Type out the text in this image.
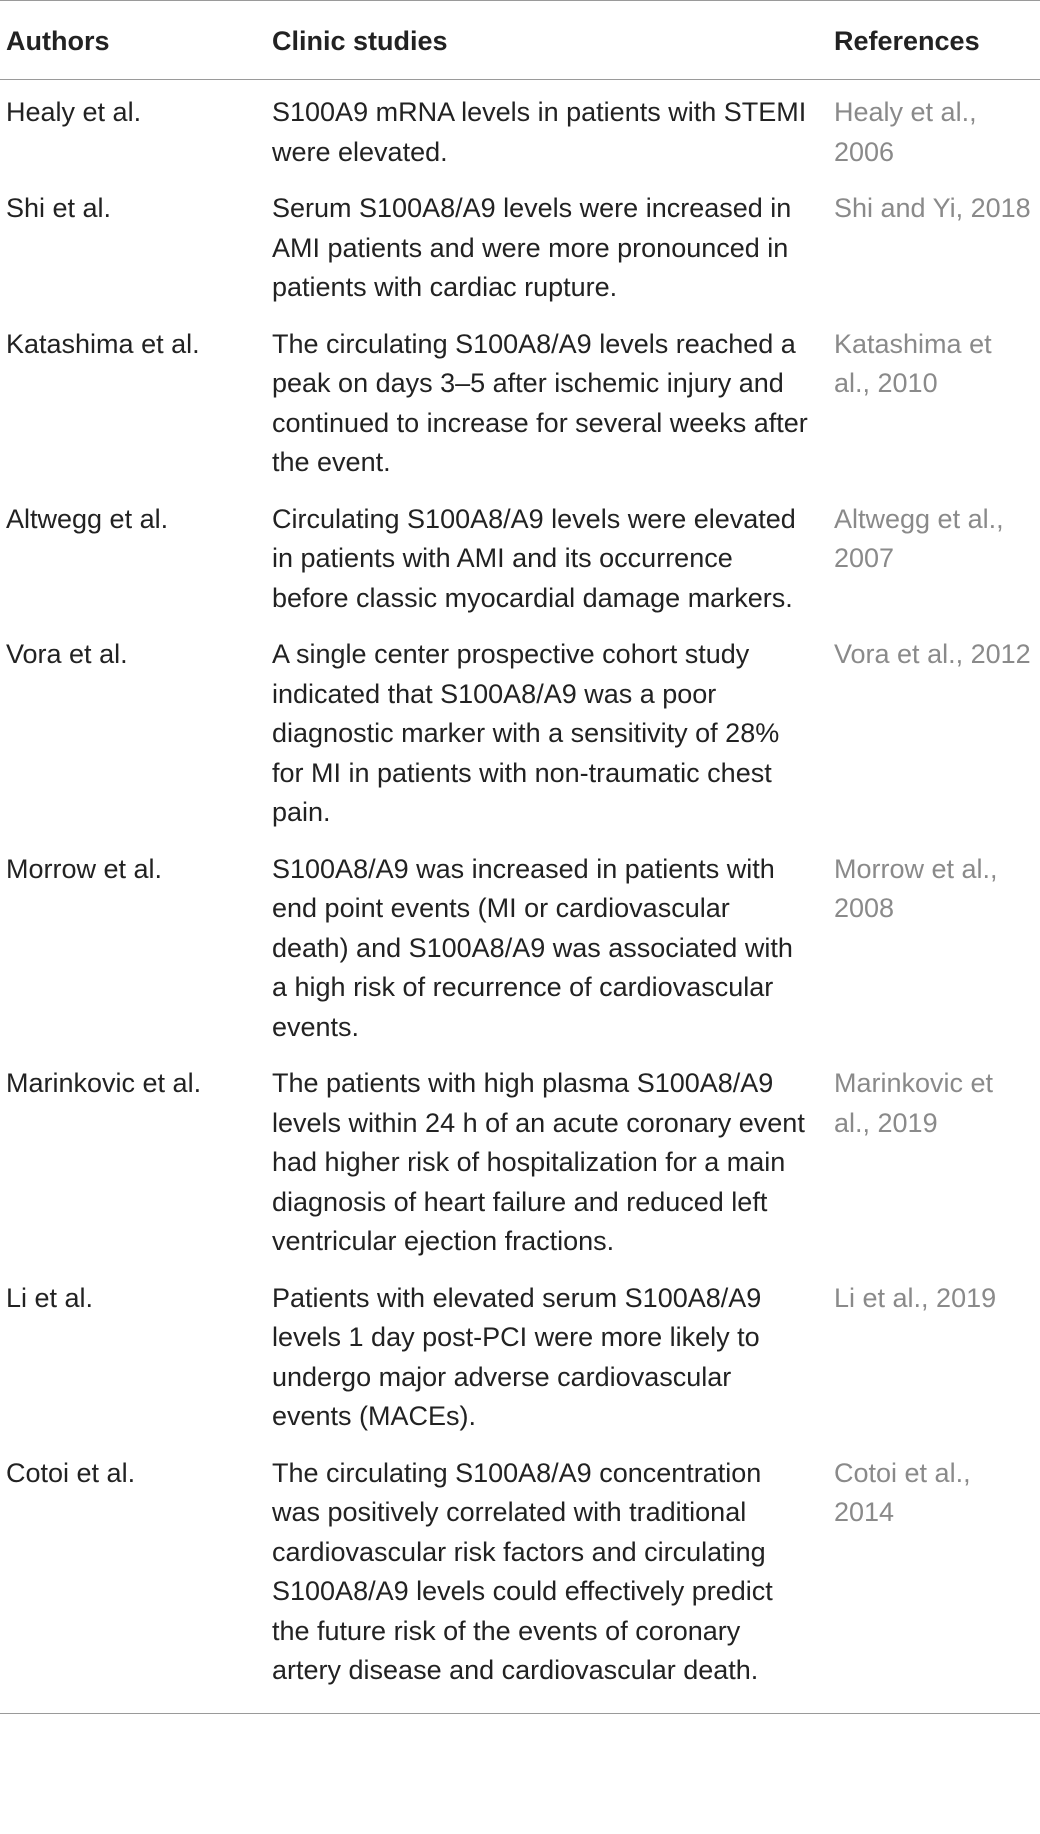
Authors	Clinic studies	References
Healy et al.	S100A9 mRNA levels in patients with STEMI were elevated.	Healy et al., 2006
Shi et al.	Serum S100A8/A9 levels were increased in AMI patients and were more pronounced in patients with cardiac rupture.	Shi and Yi, 2018
Katashima et al.	The circulating S100A8/A9 levels reached a peak on days 3–5 after ischemic injury and continued to increase for several weeks after the event.	Katashima et al., 2010
Altwegg et al.	Circulating S100A8/A9 levels were elevated in patients with AMI and its occurrence before classic myocardial damage markers.	Altwegg et al., 2007
Vora et al.	A single center prospective cohort study indicated that S100A8/A9 was a poor diagnostic marker with a sensitivity of 28% for MI in patients with non-traumatic chest pain.	Vora et al., 2012
Morrow et al.	S100A8/A9 was increased in patients with end point events (MI or cardiovascular death) and S100A8/A9 was associated with a high risk of recurrence of cardiovascular events.	Morrow et al., 2008
Marinkovic et al.	The patients with high plasma S100A8/A9 levels within 24 h of an acute coronary event had higher risk of hospitalization for a main diagnosis of heart failure and reduced left ventricular ejection fractions.	Marinkovic et al., 2019
Li et al.	Patients with elevated serum S100A8/A9 levels 1 day post-PCI were more likely to undergo major adverse cardiovascular events (MACEs).	Li et al., 2019
Cotoi et al.	The circulating S100A8/A9 concentration was positively correlated with traditional cardiovascular risk factors and circulating S100A8/A9 levels could effectively predict the future risk of the events of coronary artery disease and cardiovascular death.	Cotoi et al., 2014
